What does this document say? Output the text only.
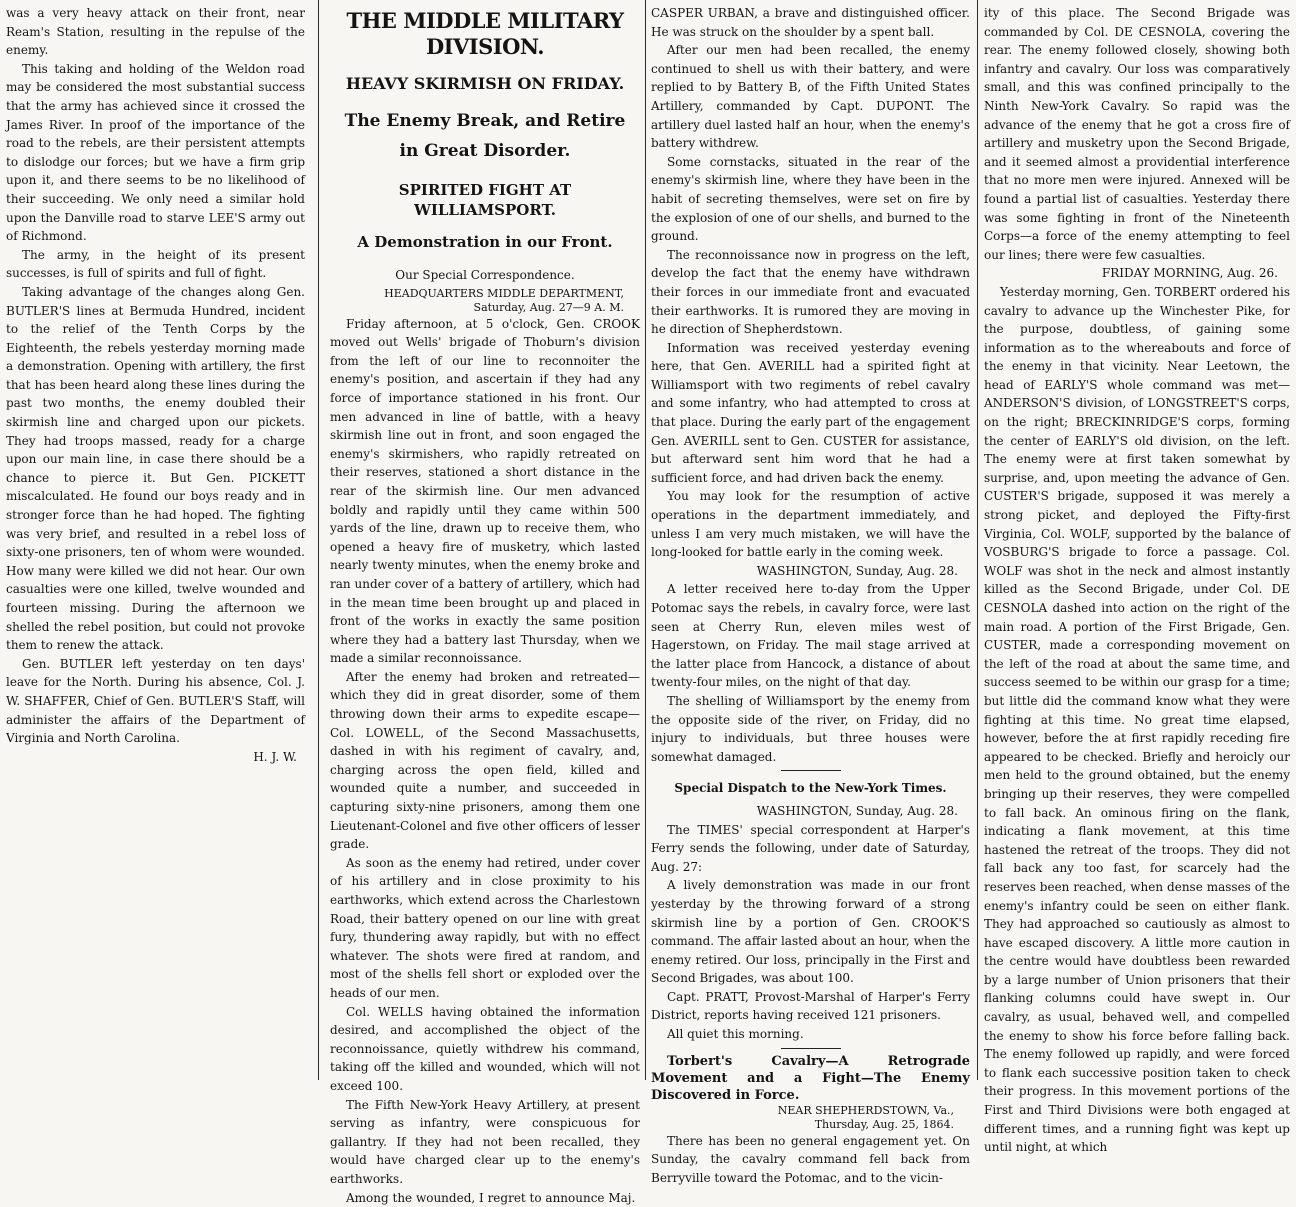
was a very heavy attack on their front, near Ream's Station, resulting in the repulse of the enemy.

This taking and holding of the Weldon road may be considered the most substantial success that the army has achieved since it crossed the James River. In proof of the importance of the road to the rebels, are their persistent attempts to dislodge our forces; but we have a firm grip upon it, and there seems to be no likelihood of their succeeding. We only need a similar hold upon the Danville road to starve LEE'S army out of Richmond.

The army, in the height of its present successes, is full of spirits and full of fight.

Taking advantage of the changes along Gen. BUTLER'S lines at Bermuda Hundred, incident to the relief of the Tenth Corps by the Eighteenth, the rebels yesterday morning made a demonstration. Opening with artillery, the first that has been heard along these lines during the past two months, the enemy doubled their skirmish line and charged upon our pickets. They had troops massed, ready for a charge upon our main line, in case there should be a chance to pierce it. But Gen. PICKETT miscalculated. He found our boys ready and in stronger force than he had hoped. The fighting was very brief, and resulted in a rebel loss of sixty-one prisoners, ten of whom were wounded. How many were killed we did not hear. Our own casualties were one killed, twelve wounded and fourteen missing. During the afternoon we shelled the rebel position, but could not provoke them to renew the attack.

Gen. BUTLER left yesterday on ten days' leave for the North. During his absence, Col. J. W. SHAFFER, Chief of Gen. BUTLER'S Staff, will administer the affairs of the Department of Virginia and North Carolina.

H. J. W.

THE MIDDLE MILITARY DIVISION.
HEAVY SKIRMISH ON FRIDAY.
The Enemy Break, and Retire in Great Disorder.
SPIRITED FIGHT AT WILLIAMSPORT.
A Demonstration in our Front.
Our Special Correspondence.
HEADQUARTERS MIDDLE DEPARTMENT,
Saturday, Aug. 27—9 A. M.

Friday afternoon, at 5 o'clock, Gen. CROOK moved out Wells' brigade of Thoburn's division from the left of our line to reconnoiter the enemy's position, and ascertain if they had any force of importance stationed in his front. Our men advanced in line of battle, with a heavy skirmish line out in front, and soon engaged the enemy's skirmishers, who rapidly retreated on their reserves, stationed a short distance in the rear of the skirmish line. Our men advanced boldly and rapidly until they came within 500 yards of the line, drawn up to receive them, who opened a heavy fire of musketry, which lasted nearly twenty minutes, when the enemy broke and ran under cover of a battery of artillery, which had in the mean time been brought up and placed in front of the works in exactly the same position where they had a battery last Thursday, when we made a similar reconnoissance.

After the enemy had broken and retreated—which they did in great disorder, some of them throwing down their arms to expedite escape—Col. LOWELL, of the Second Massachusetts, dashed in with his regiment of cavalry, and, charging across the open field, killed and wounded quite a number, and succeeded in capturing sixty-nine prisoners, among them one Lieutenant-Colonel and five other officers of lesser grade.

As soon as the enemy had retired, under cover of his artillery and in close proximity to his earthworks, which extend across the Charlestown Road, their battery opened on our line with great fury, thundering away rapidly, but with no effect whatever. The shots were fired at random, and most of the shells fell short or exploded over the heads of our men.

Col. WELLS having obtained the information desired, and accomplished the object of the reconnoissance, quietly withdrew his command, taking off the killed and wounded, which will not exceed 100.

The Fifth New-York Heavy Artillery, at present serving as infantry, were conspicuous for gallantry. If they had not been recalled, they would have charged clear up to the enemy's earthworks.

Among the wounded, I regret to announce Maj.

CASPER URBAN, a brave and distinguished officer. He was struck on the shoulder by a spent ball.

After our men had been recalled, the enemy continued to shell us with their battery, and were replied to by Battery B, of the Fifth United States Artillery, commanded by Capt. DUPONT. The artillery duel lasted half an hour, when the enemy's battery withdrew.

Some cornstacks, situated in the rear of the enemy's skirmish line, where they have been in the habit of secreting themselves, were set on fire by the explosion of one of our shells, and burned to the ground.

The reconnoissance now in progress on the left, develop the fact that the enemy have withdrawn their forces in our immediate front and evacuated their earthworks. It is rumored they are moving in he direction of Shepherdstown.

Information was received yesterday evening here, that Gen. AVERILL had a spirited fight at Williamsport with two regiments of rebel cavalry and some infantry, who had attempted to cross at that place. During the early part of the engagement Gen. AVERILL sent to Gen. CUSTER for assistance, but afterward sent him word that he had a sufficient force, and had driven back the enemy.

You may look for the resumption of active operations in the department immediately, and unless I am very much mistaken, we will have the long-looked for battle early in the coming week.

WASHINGTON, Sunday, Aug. 28.

A letter received here to-day from the Upper Potomac says the rebels, in cavalry force, were last seen at Cherry Run, eleven miles west of Hagerstown, on Friday. The mail stage arrived at the latter place from Hancock, a distance of about twenty-four miles, on the night of that day.

The shelling of Williamsport by the enemy from the opposite side of the river, on Friday, did no injury to individuals, but three houses were somewhat damaged.

Special Dispatch to the New-York Times.

WASHINGTON, Sunday, Aug. 28.

The TIMES' special correspondent at Harper's Ferry sends the following, under date of Saturday, Aug. 27:

A lively demonstration was made in our front yesterday by the throwing forward of a strong skirmish line by a portion of Gen. CROOK'S command. The affair lasted about an hour, when the enemy retired. Our loss, principally in the First and Second Brigades, was about 100.

Capt. PRATT, Provost-Marshal of Harper's Ferry District, reports having received 121 prisoners.

All quiet this morning.

Torbert's Cavalry—A Retrograde Movement and a Fight—The Enemy Discovered in Force.

NEAR SHEPHERDSTOWN, Va.,
Thursday, Aug. 25, 1864.

There has been no general engagement yet. On Sunday, the cavalry command fell back from Berryville toward the Potomac, and to the vicin-

ity of this place. The Second Brigade was commanded by Col. DE CESNOLA, covering the rear. The enemy followed closely, showing both infantry and cavalry. Our loss was comparatively small, and this was confined principally to the Ninth New-York Cavalry. So rapid was the advance of the enemy that he got a cross fire of artillery and musketry upon the Second Brigade, and it seemed almost a providential interference that no more men were injured. Annexed will be found a partial list of casualties. Yesterday there was some fighting in front of the Nineteenth Corps—a force of the enemy attempting to feel our lines; there were few casualties.

FRIDAY MORNING, Aug. 26.

Yesterday morning, Gen. TORBERT ordered his cavalry to advance up the Winchester Pike, for the purpose, doubtless, of gaining some information as to the whereabouts and force of the enemy in that vicinity. Near Leetown, the head of EARLY'S whole command was met—ANDERSON'S division, of LONGSTREET'S corps, on the right; BRECKINRIDGE'S corps, forming the center of EARLY'S old division, on the left. The enemy were at first taken somewhat by surprise, and, upon meeting the advance of Gen. CUSTER'S brigade, supposed it was merely a strong picket, and deployed the Fifty-first Virginia, Col. WOLF, supported by the balance of VOSBURG'S brigade to force a passage. Col. WOLF was shot in the neck and almost instantly killed as the Second Brigade, under Col. DE CESNOLA dashed into action on the right of the main road. A portion of the First Brigade, Gen. CUSTER, made a corresponding movement on the left of the road at about the same time, and success seemed to be within our grasp for a time; but little did the command know what they were fighting at this time. No great time elapsed, however, before the at first rapidly receding fire appeared to be checked. Briefly and heroicly our men held to the ground obtained, but the enemy bringing up their reserves, they were compelled to fall back. An ominous firing on the flank, indicating a flank movement, at this time hastened the retreat of the troops. They did not fall back any too fast, for scarcely had the reserves been reached, when dense masses of the enemy's infantry could be seen on either flank. They had approached so cautiously as almost to have escaped discovery. A little more caution in the centre would have doubtless been rewarded by a large number of Union prisoners that their flanking columns could have swept in. Our cavalry, as usual, behaved well, and compelled the enemy to show his force before falling back. The enemy followed up rapidly, and were forced to flank each successive position taken to check their progress. In this movement portions of the First and Third Divisions were both engaged at different times, and a running fight was kept up until night, at which
